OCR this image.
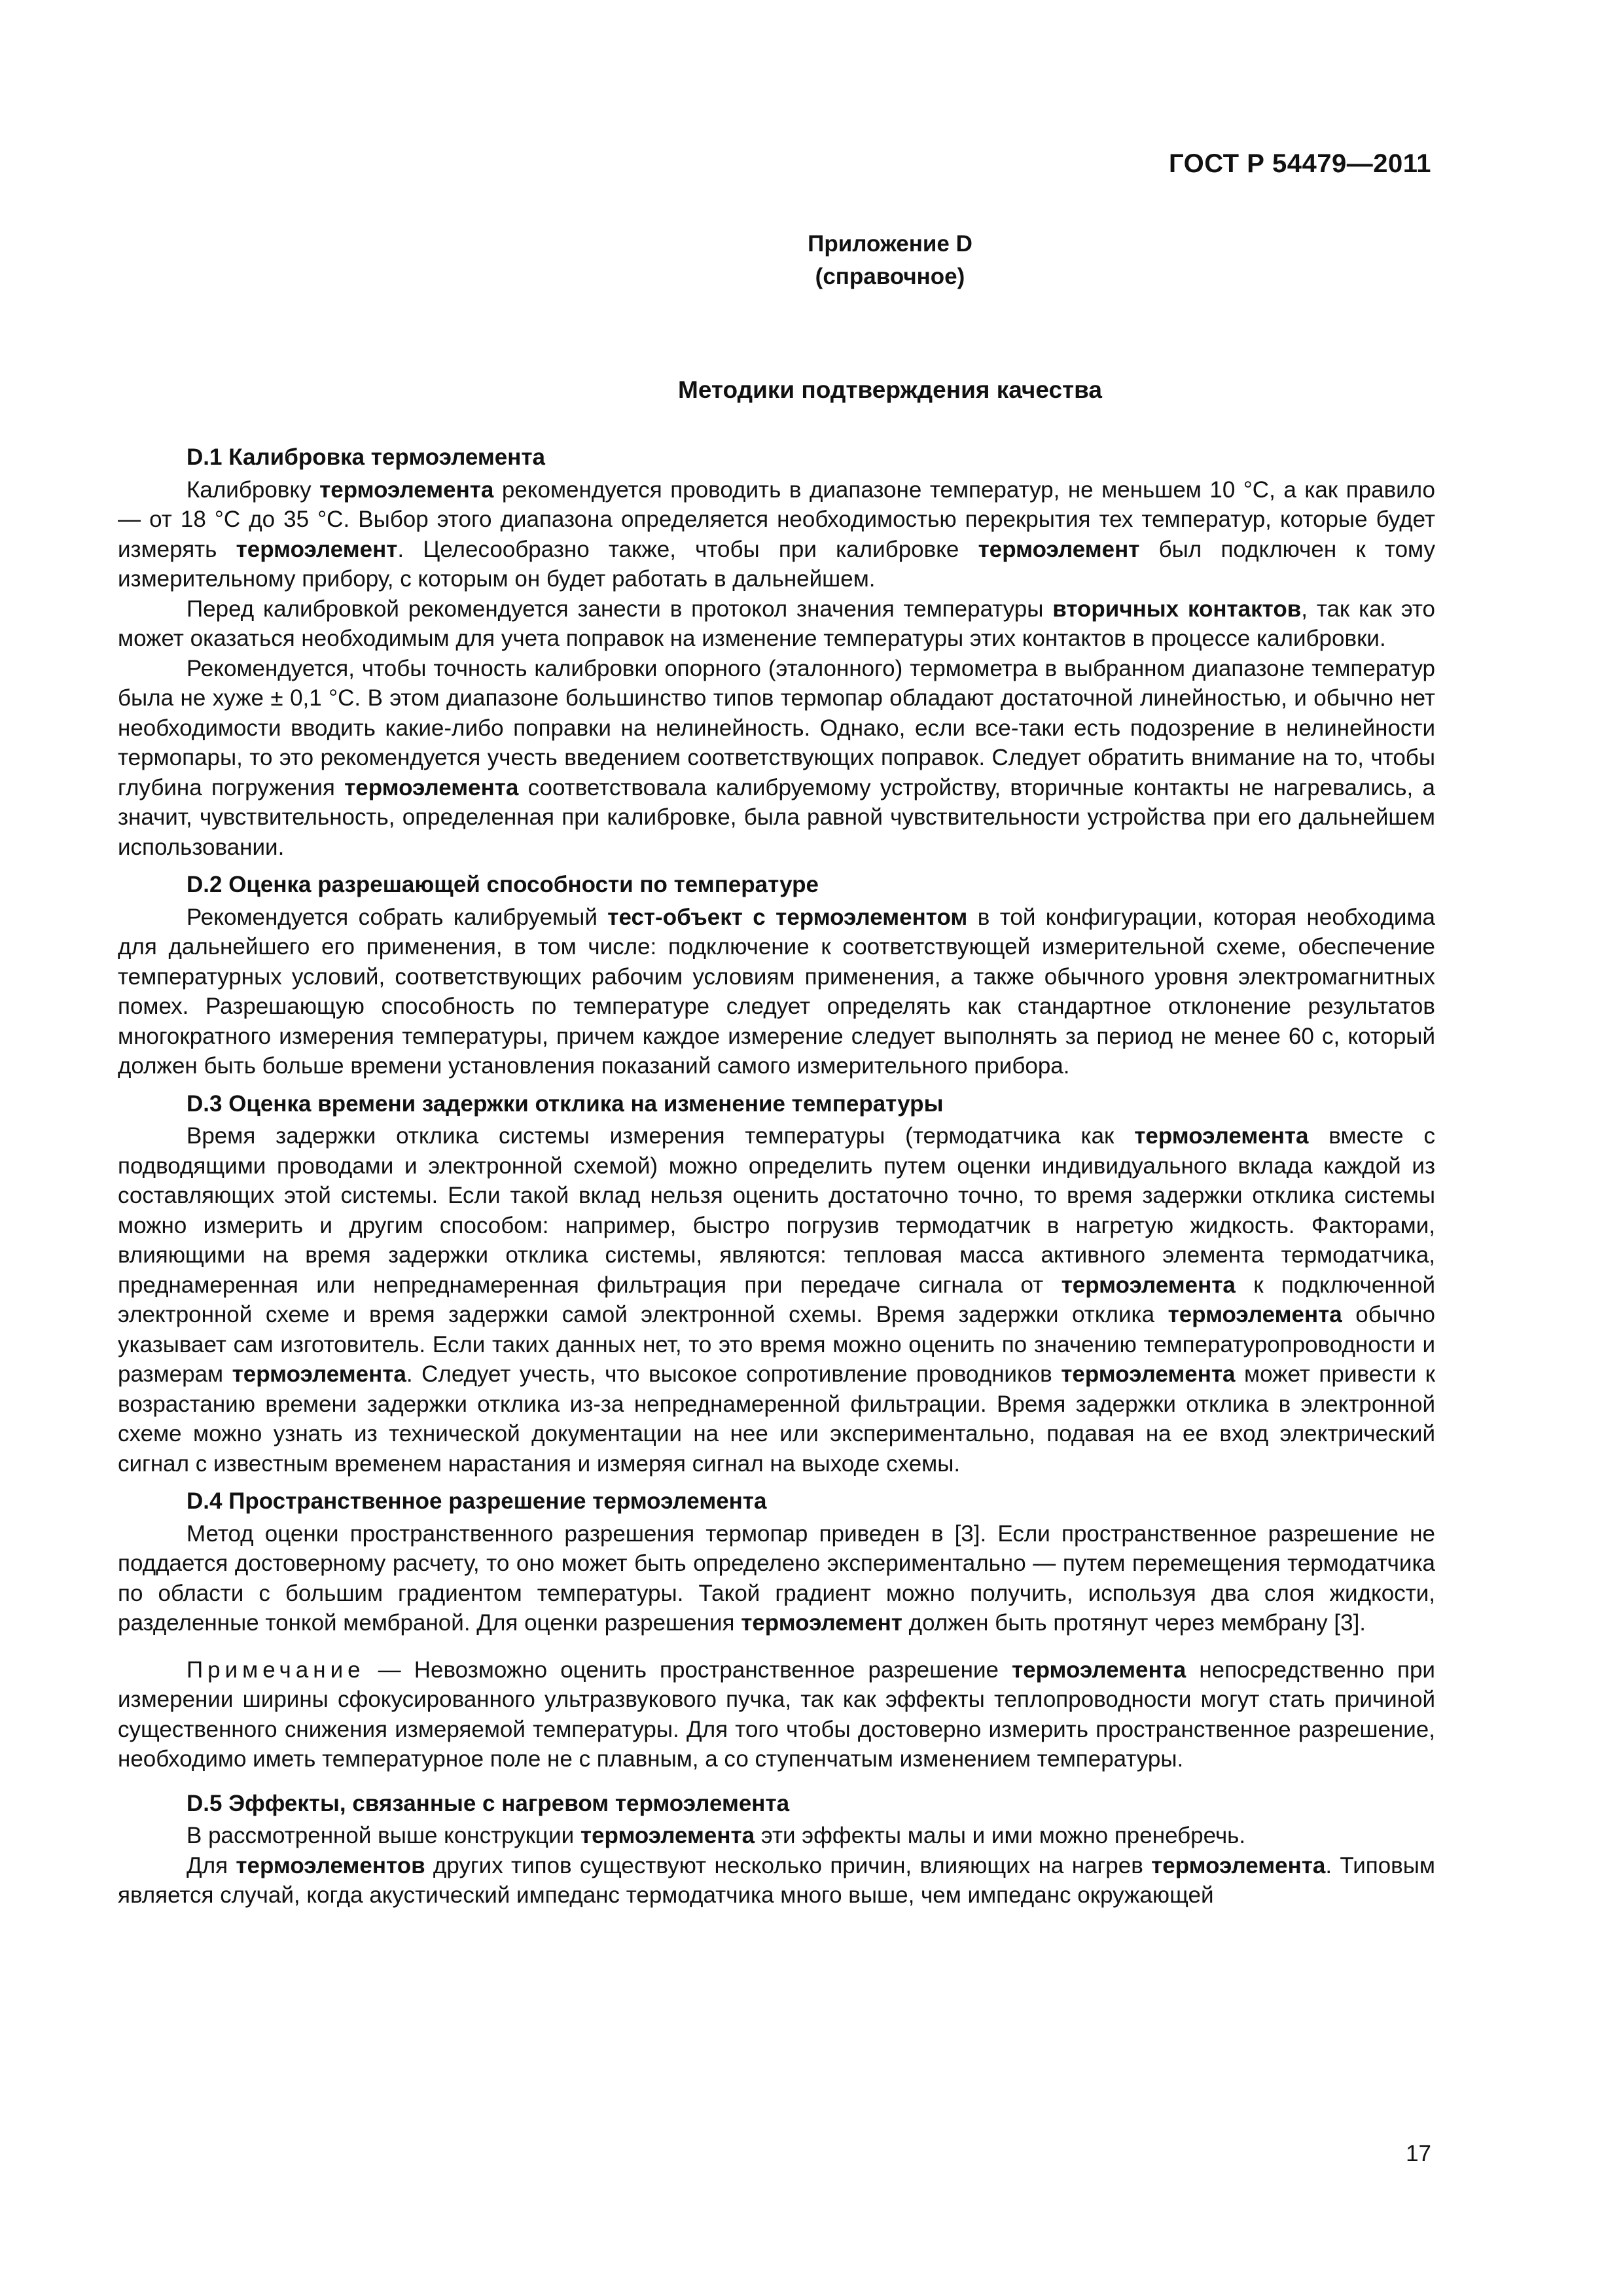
ГОСТ Р 54479—2011
Приложение D
(справочное)
Методики подтверждения качества
D.1 Калибровка термоэлемента

Калибровку термоэлемента рекомендуется проводить в диапазоне температур, не меньшем 10 °С, а как правило — от 18 °С до 35 °С. Выбор этого диапазона определяется необходимостью перекрытия тех температур, которые будет измерять термоэлемент. Целесообразно также, чтобы при калибровке термоэлемент был подключен к тому измерительному прибору, с которым он будет работать в дальнейшем.

Перед калибровкой рекомендуется занести в протокол значения температуры вторичных контактов, так как это может оказаться необходимым для учета поправок на изменение температуры этих контактов в процессе калибровки.

Рекомендуется, чтобы точность калибровки опорного (эталонного) термометра в выбранном диапазоне температур была не хуже ± 0,1 °С. В этом диапазоне большинство типов термопар обладают достаточной линейностью, и обычно нет необходимости вводить какие-либо поправки на нелинейность. Однако, если все-таки есть подозрение в нелинейности термопары, то это рекомендуется учесть введением соответствующих поправок. Следует обратить внимание на то, чтобы глубина погружения термоэлемента соответствовала калибруемому устройству, вторичные контакты не нагревались, а значит, чувствительность, определенная при калибровке, была равной чувствительности устройства при его дальнейшем использовании.

D.2 Оценка разрешающей способности по температуре

Рекомендуется собрать калибруемый тест-объект с термоэлементом в той конфигурации, которая необходима для дальнейшего его применения, в том числе: подключение к соответствующей измерительной схеме, обеспечение температурных условий, соответствующих рабочим условиям применения, а также обычного уровня электромагнитных помех. Разрешающую способность по температуре следует определять как стандартное отклонение результатов многократного измерения температуры, причем каждое измерение следует выполнять за период не менее 60 с, который должен быть больше времени установления показаний самого измерительного прибора.

D.3 Оценка времени задержки отклика на изменение температуры

Время задержки отклика системы измерения температуры (термодатчика как термоэлемента вместе с подводящими проводами и электронной схемой) можно определить путем оценки индивидуального вклада каждой из составляющих этой системы. Если такой вклад нельзя оценить достаточно точно, то время задержки отклика системы можно измерить и другим способом: например, быстро погрузив термодатчик в нагретую жидкость. Факторами, влияющими на время задержки отклика системы, являются: тепловая масса активного элемента термодатчика, преднамеренная или непреднамеренная фильтрация при передаче сигнала от термоэлемента к подключенной электронной схеме и время задержки самой электронной схемы. Время задержки отклика термоэлемента обычно указывает сам изготовитель. Если таких данных нет, то это время можно оценить по значению температуропроводности и размерам термоэлемента. Следует учесть, что высокое сопротивление проводников термоэлемента может привести к возрастанию времени задержки отклика из-за непреднамеренной фильтрации. Время задержки отклика в электронной схеме можно узнать из технической документации на нее или экспериментально, подавая на ее вход электрический сигнал с известным временем нарастания и измеряя сигнал на выходе схемы.

D.4 Пространственное разрешение термоэлемента

Метод оценки пространственного разрешения термопар приведен в [3]. Если пространственное разрешение не поддается достоверному расчету, то оно может быть определено экспериментально — путем перемещения термодатчика по области с большим градиентом температуры. Такой градиент можно получить, используя два слоя жидкости, разделенные тонкой мембраной. Для оценки разрешения термоэлемент должен быть протянут через мембрану [3].

Примечание — Невозможно оценить пространственное разрешение термоэлемента непосредственно при измерении ширины сфокусированного ультразвукового пучка, так как эффекты теплопроводности могут стать причиной существенного снижения измеряемой температуры. Для того чтобы достоверно измерить пространственное разрешение, необходимо иметь температурное поле не с плавным, а со ступенчатым изменением температуры.

D.5 Эффекты, связанные с нагревом термоэлемента

В рассмотренной выше конструкции термоэлемента эти эффекты малы и ими можно пренебречь.

Для термоэлементов других типов существуют несколько причин, влияющих на нагрев термоэлемента. Типовым является случай, когда акустический импеданс термодатчика много выше, чем импеданс окружающей

17
